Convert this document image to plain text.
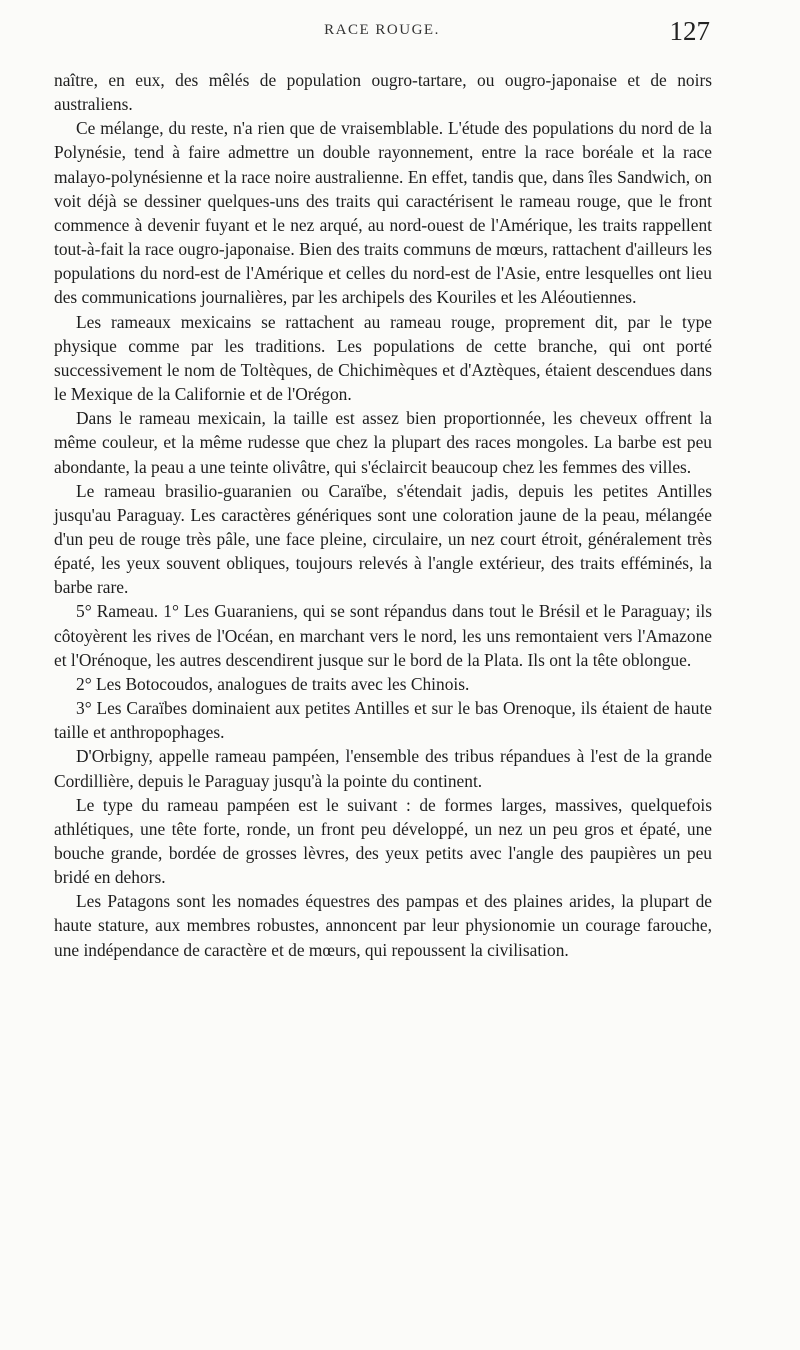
RACE ROUGE.	127

naître, en eux, des mêlés de population ougro-tartare, ou ougro-japonaise et de noirs australiens.

Ce mélange, du reste, n'a rien que de vraisemblable. L'étude des populations du nord de la Polynésie, tend à faire admettre un double rayonnement, entre la race boréale et la race malayo-polynésienne et la race noire australienne. En effet, tandis que, dans îles Sandwich, on voit déjà se dessiner quelques-uns des traits qui caractérisent le rameau rouge, que le front commence à devenir fuyant et le nez arqué, au nord-ouest de l'Amérique, les traits rappellent tout-à-fait la race ougro-japonaise. Bien des traits communs de mœurs, rattachent d'ailleurs les populations du nord-est de l'Amérique et celles du nord-est de l'Asie, entre lesquelles ont lieu des communications journalières, par les archipels des Kouriles et les Aléoutiennes.

Les rameaux mexicains se rattachent au rameau rouge, proprement dit, par le type physique comme par les traditions. Les populations de cette branche, qui ont porté successivement le nom de Toltèques, de Chichimèques et d'Aztèques, étaient descendues dans le Mexique de la Californie et de l'Orégon.

Dans le rameau mexicain, la taille est assez bien proportionnée, les cheveux offrent la même couleur, et la même rudesse que chez la plupart des races mongoles. La barbe est peu abondante, la peau a une teinte olivâtre, qui s'éclaircit beaucoup chez les femmes des villes.

Le rameau brasilio-guaranien ou Caraïbe, s'étendait jadis, depuis les petites Antilles jusqu'au Paraguay. Les caractères génériques sont une coloration jaune de la peau, mélangée d'un peu de rouge très pâle, une face pleine, circulaire, un nez court étroit, généralement très épaté, les yeux souvent obliques, toujours relevés à l'angle extérieur, des traits efféminés, la barbe rare.

5° Rameau. 1° Les Guaraniens, qui se sont répandus dans tout le Brésil et le Paraguay; ils côtoyèrent les rives de l'Océan, en marchant vers le nord, les uns remontaient vers l'Amazone et l'Orénoque, les autres descendirent jusque sur le bord de la Plata. Ils ont la tête oblongue.

2° Les Botocoudos, analogues de traits avec les Chinois.

3° Les Caraïbes dominaient aux petites Antilles et sur le bas Orenoque, ils étaient de haute taille et anthropophages.

D'Orbigny, appelle rameau pampéen, l'ensemble des tribus répandues à l'est de la grande Cordillière, depuis le Paraguay jusqu'à la pointe du continent.

Le type du rameau pampéen est le suivant : de formes larges, massives, quelquefois athlétiques, une tête forte, ronde, un front peu développé, un nez un peu gros et épaté, une bouche grande, bordée de grosses lèvres, des yeux petits avec l'angle des paupières un peu bridé en dehors.

Les Patagons sont les nomades équestres des pampas et des plaines arides, la plupart de haute stature, aux membres robustes, annoncent par leur physionomie un courage farouche, une indépendance de caractère et de mœurs, qui repoussent la civilisation.
